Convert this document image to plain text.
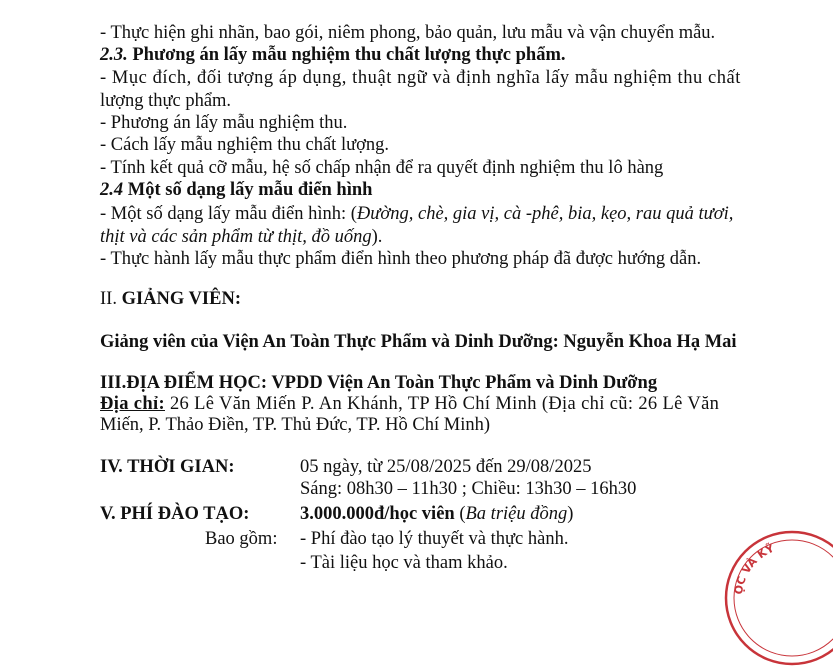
- Thực hiện ghi nhãn, bao gói, niêm phong, bảo quản, lưu mẫu và vận chuyển mẫu.
2.3. Phương án lấy mẫu nghiệm thu chất lượng thực phẩm.
- Mục đích, đối tượng áp dụng, thuật ngữ và định nghĩa lấy mẫu nghiệm thu chất
lượng thực phẩm.
- Phương án lấy mẫu nghiệm thu.
- Cách lấy mẫu nghiệm thu chất lượng.
- Tính kết quả cỡ mẫu, hệ số chấp nhận để ra quyết định nghiệm thu lô hàng
2.4 Một số dạng lấy mẫu điển hình
- Một số dạng lấy mẫu điển hình: (Đường, chè, gia vị, cà -phê, bia, kẹo, rau quả tươi,
thịt và các sản phẩm từ thịt, đồ uống).
- Thực hành lấy mẫu thực phẩm điển hình theo phương pháp đã được hướng dẫn.
II. GIẢNG VIÊN:
Giảng viên của Viện An Toàn Thực Phẩm và Dinh Dưỡng: Nguyễn Khoa Hạ Mai
III.ĐỊA ĐIỂM HỌC: VPDD Viện An Toàn Thực Phẩm và Dinh Dưỡng
Địa chỉ: 26 Lê Văn Miến P. An Khánh, TP Hồ Chí Minh (Địa chỉ cũ: 26 Lê Văn
Miến, P. Thảo Điền, TP. Thủ Đức, TP. Hồ Chí Minh)
IV. THỜI GIAN:	05 ngày, từ 25/08/2025 đến 29/08/2025
Sáng: 08h30 – 11h30 ; Chiều: 13h30 – 16h30
V. PHÍ ĐÀO TẠO:	3.000.000đ/học viên (Ba triệu đồng)
Bao gồm: - Phí đào tạo lý thuyết và thực hành.
- Tài liệu học và tham khảo.
ỌC VÀ KỸ
